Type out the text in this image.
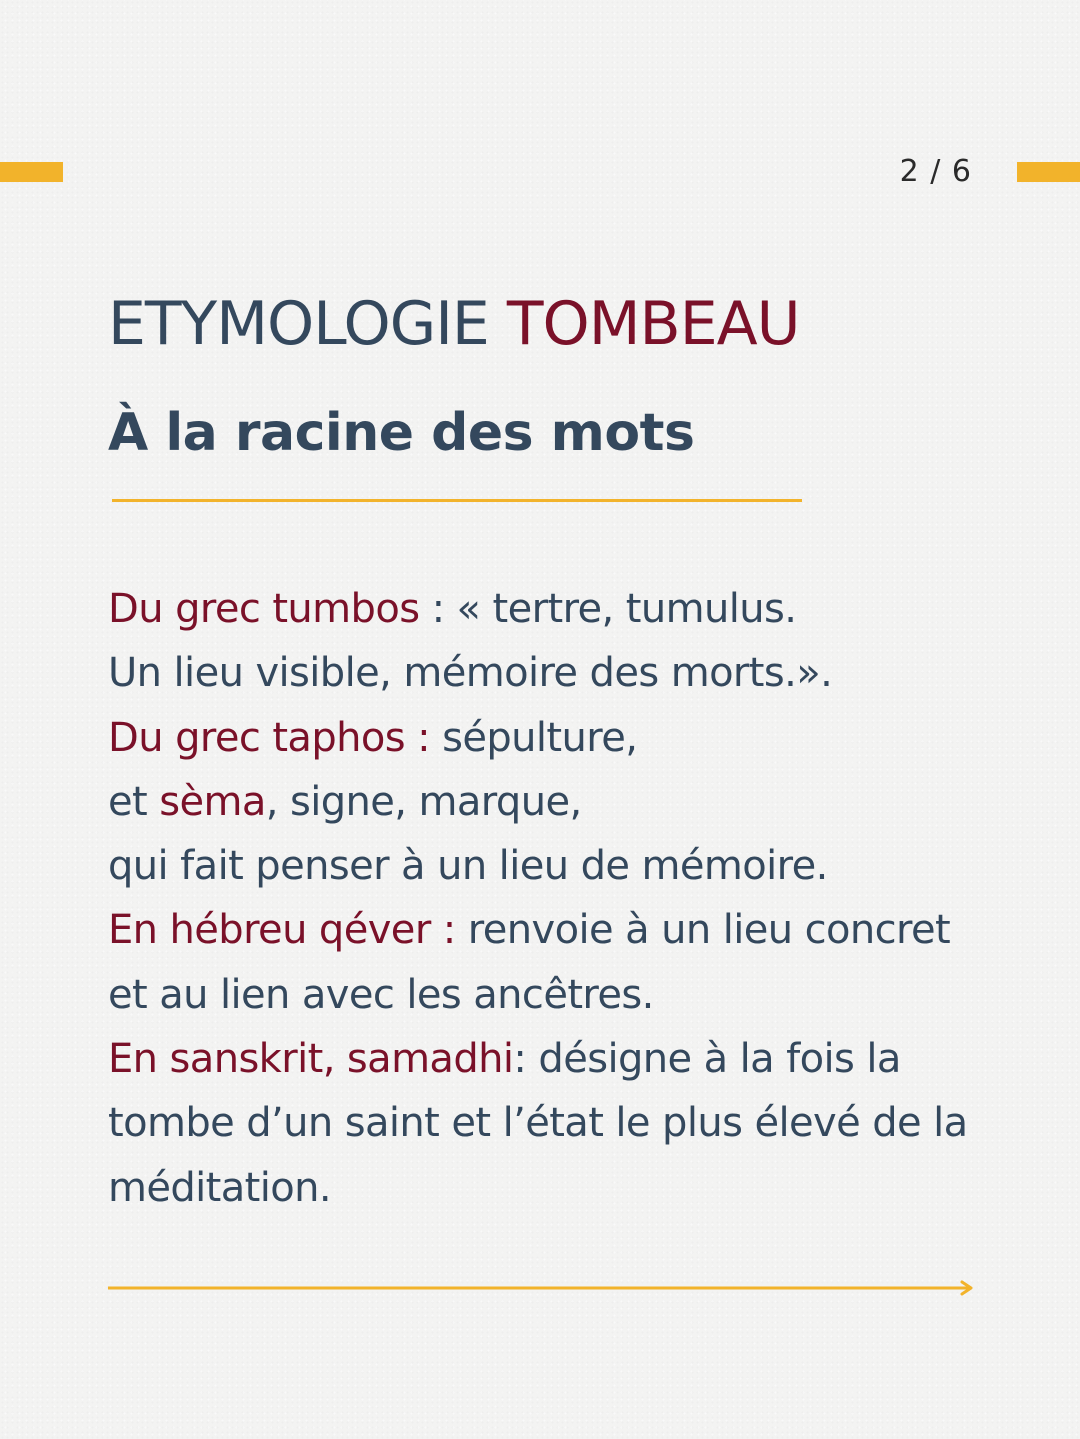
2 / 6
ETYMOLOGIE TOMBEAU
À la racine des mots
Du grec tumbos : « tertre, tumulus.
Un lieu visible, mémoire des morts.».
Du grec taphos : sépulture,
et sèma, signe, marque,
qui fait penser à un lieu de mémoire.
En hébreu qéver : renvoie à un lieu concret
et au lien avec les ancêtres.
En sanskrit, samadhi: désigne à la fois la
tombe d’un saint et l’état le plus élevé de la
méditation.
